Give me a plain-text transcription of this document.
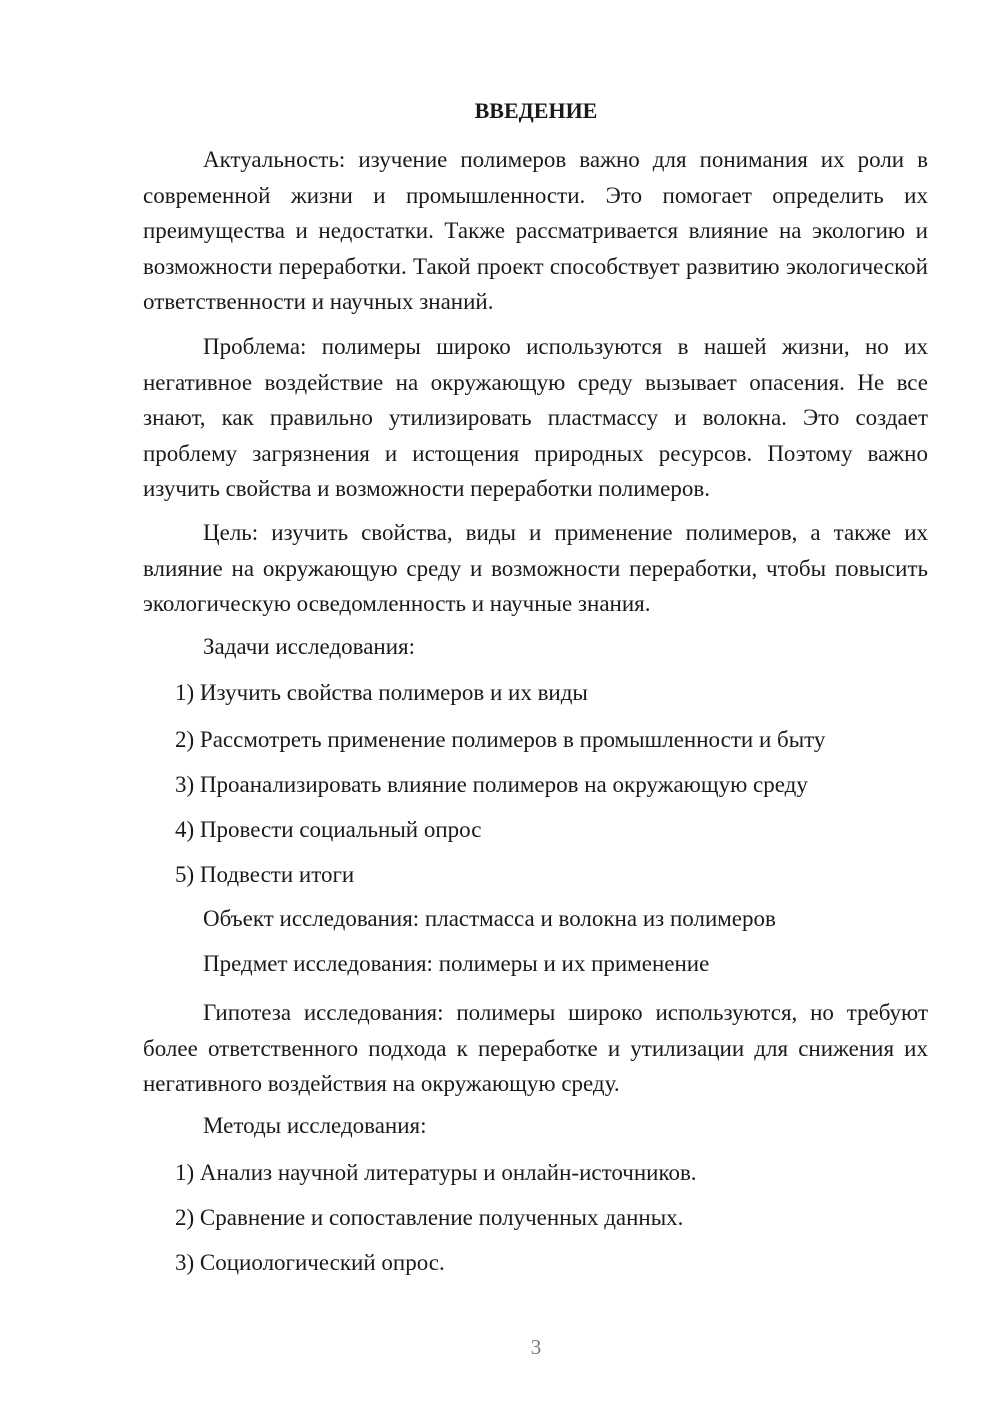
ВВЕДЕНИЕ

Актуальность: изучение полимеров важно для понимания их роли в современной жизни и промышленности. Это помогает определить их преимущества и недостатки. Также рассматривается влияние на экологию и возможности переработки. Такой проект способствует развитию экологической ответственности и научных знаний.

Проблема: полимеры широко используются в нашей жизни, но их негативное воздействие на окружающую среду вызывает опасения. Не все знают, как правильно утилизировать пластмассу и волокна. Это создает проблему загрязнения и истощения природных ресурсов. Поэтому важно изучить свойства и возможности переработки полимеров.

Цель: изучить свойства, виды и применение полимеров, а также их влияние на окружающую среду и возможности переработки, чтобы повысить экологическую осведомленность и научные знания.

Задачи исследования:

1) Изучить свойства полимеров и их виды

2) Рассмотреть применение полимеров в промышленности и быту

3) Проанализировать влияние полимеров на окружающую среду

4) Провести социальный опрос

5) Подвести итоги

Объект исследования: пластмасса и волокна из полимеров

Предмет исследования: полимеры и их применение

Гипотеза исследования: полимеры широко используются, но требуют более ответственного подхода к переработке и утилизации для снижения их негативного воздействия на окружающую среду.

Методы исследования:

1) Анализ научной литературы и онлайн-источников.

2) Сравнение и сопоставление полученных данных.

3) Социологический опрос.

3
